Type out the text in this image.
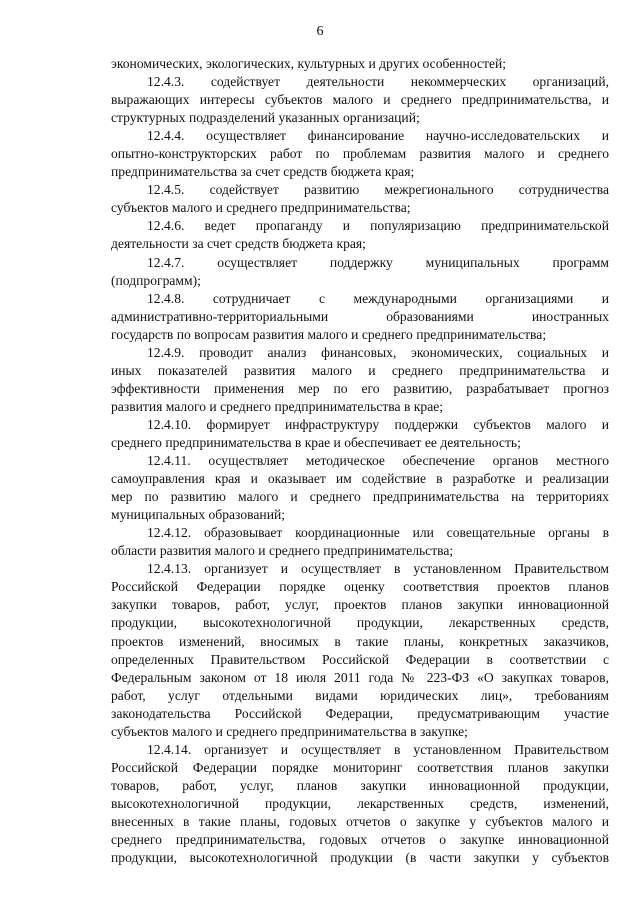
6
экономических, экологических, культурных и других особенностей;
12.4.3. содействует деятельности некоммерческих организаций,
выражающих интересы субъектов малого и среднего предпринимательства, и
структурных подразделений указанных организаций;
12.4.4. осуществляет финансирование научно-исследовательских и
опытно-конструкторских работ по проблемам развития малого и среднего
предпринимательства за счет средств бюджета края;
12.4.5. содействует развитию межрегионального сотрудничества
субъектов малого и среднего предпринимательства;
12.4.6. ведет пропаганду и популяризацию предпринимательской
деятельности за счет средств бюджета края;
12.4.7. осуществляет поддержку муниципальных программ
(подпрограмм);
12.4.8. сотрудничает с международными организациями и
административно-территориальными образованиями иностранных
государств по вопросам развития малого и среднего предпринимательства;
12.4.9. проводит анализ финансовых, экономических, социальных и
иных показателей развития малого и среднего предпринимательства и
эффективности применения мер по его развитию, разрабатывает прогноз
развития малого и среднего предпринимательства в крае;
12.4.10. формирует инфраструктуру поддержки субъектов малого и
среднего предпринимательства в крае и обеспечивает ее деятельность;
12.4.11. осуществляет методическое обеспечение органов местного
самоуправления края и оказывает им содействие в разработке и реализации
мер по развитию малого и среднего предпринимательства на территориях
муниципальных образований;
12.4.12. образовывает координационные или совещательные органы в
области развития малого и среднего предпринимательства;
12.4.13. организует и осуществляет в установленном Правительством
Российской Федерации порядке оценку соответствия проектов планов
закупки товаров, работ, услуг, проектов планов закупки инновационной
продукции, высокотехнологичной продукции, лекарственных средств,
проектов изменений, вносимых в такие планы, конкретных заказчиков,
определенных Правительством Российской Федерации в соответствии с
Федеральным законом от 18 июля 2011 года № 223-ФЗ «О закупках товаров,
работ, услуг отдельными видами юридических лиц», требованиям
законодательства Российской Федерации, предусматривающим участие
субъектов малого и среднего предпринимательства в закупке;
12.4.14. организует и осуществляет в установленном Правительством
Российской Федерации порядке мониторинг соответствия планов закупки
товаров, работ, услуг, планов закупки инновационной продукции,
высокотехнологичной продукции, лекарственных средств, изменений,
внесенных в такие планы, годовых отчетов о закупке у субъектов малого и
среднего предпринимательства, годовых отчетов о закупке инновационной
продукции, высокотехнологичной продукции (в части закупки у субъектов
